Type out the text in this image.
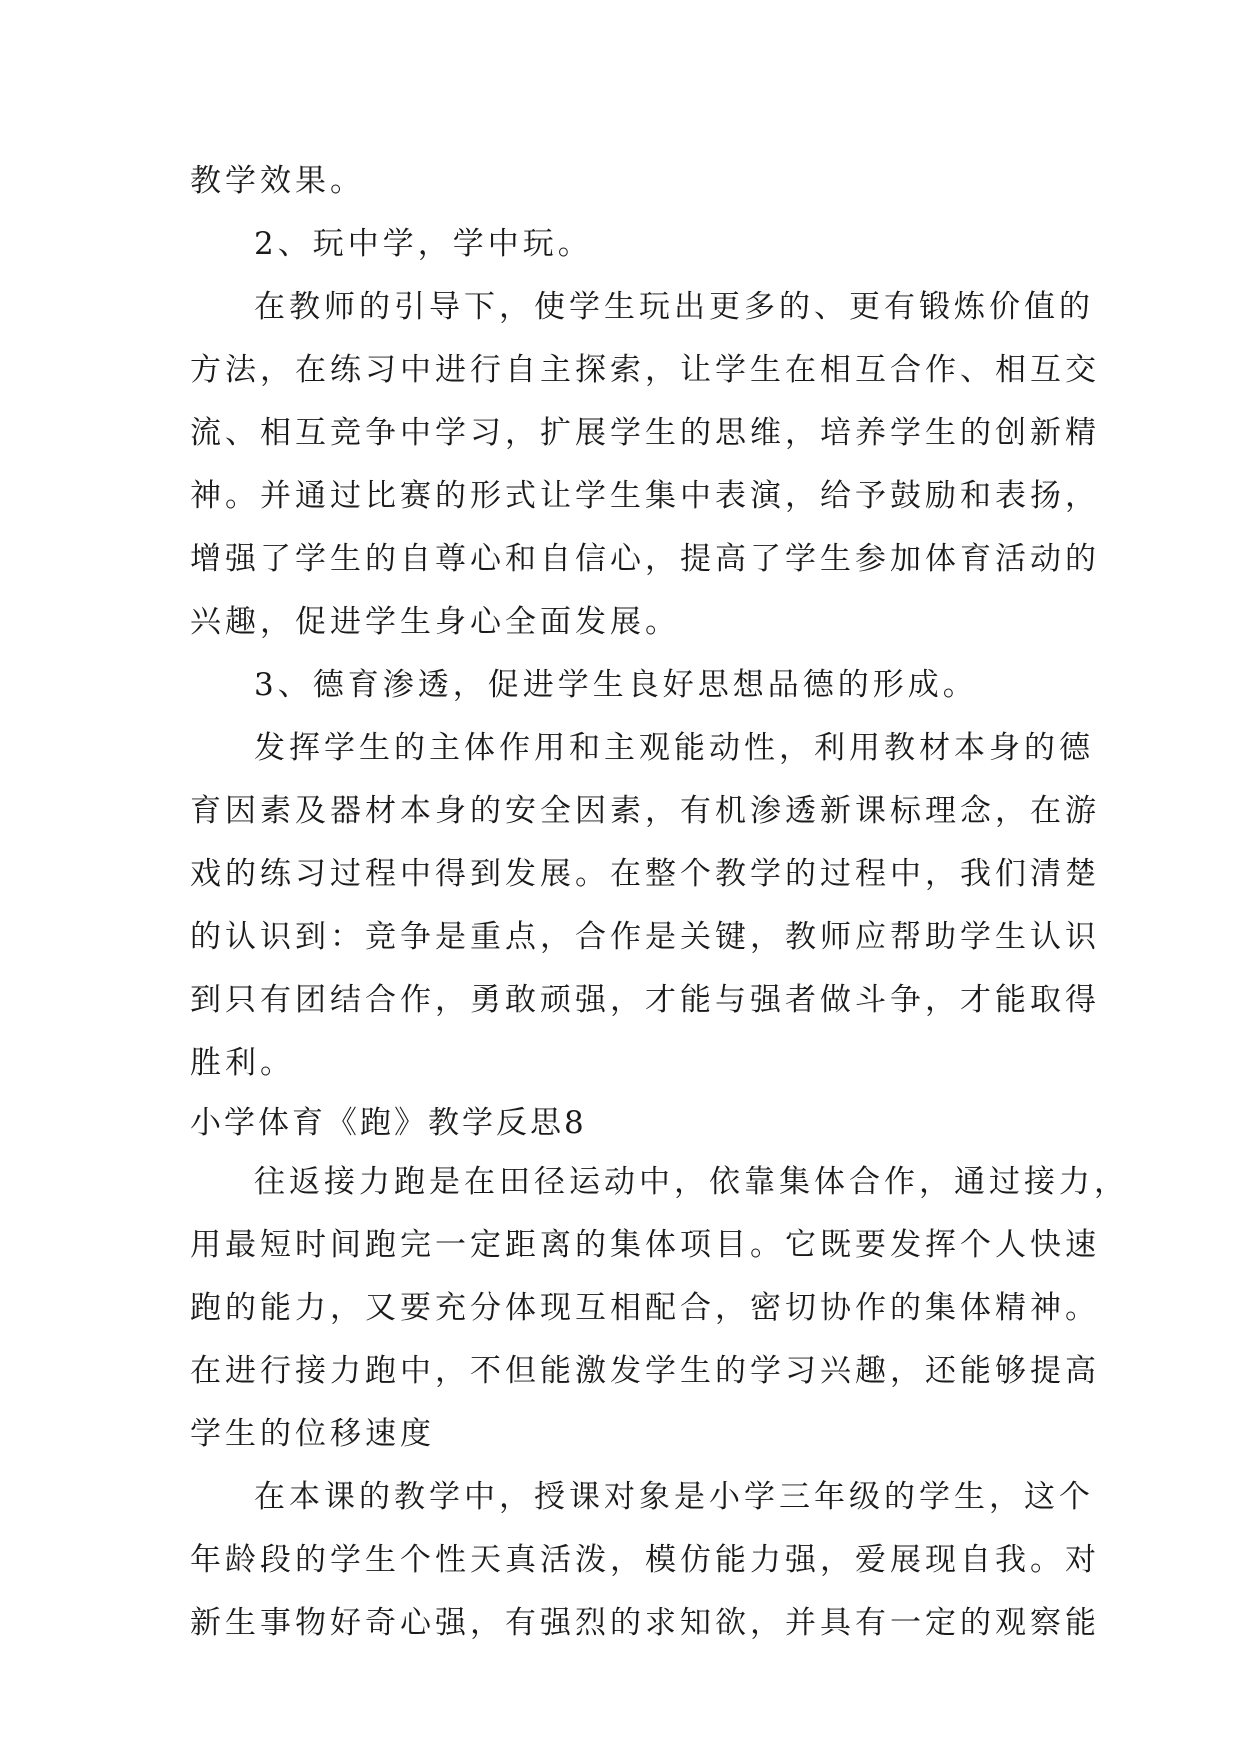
教学效果。
2、玩中学，学中玩。
在教师的引导下，使学生玩出更多的、更有锻炼价值的
方法，在练习中进行自主探索，让学生在相互合作、相互交
流、相互竞争中学习，扩展学生的思维，培养学生的创新精
神。并通过比赛的形式让学生集中表演，给予鼓励和表扬，
增强了学生的自尊心和自信心，提高了学生参加体育活动的
兴趣，促进学生身心全面发展。
3、德育渗透，促进学生良好思想品德的形成。
发挥学生的主体作用和主观能动性，利用教材本身的德
育因素及器材本身的安全因素，有机渗透新课标理念，在游
戏的练习过程中得到发展。在整个教学的过程中，我们清楚
的认识到：竞争是重点，合作是关键，教师应帮助学生认识
到只有团结合作，勇敢顽强，才能与强者做斗争，才能取得
胜利。
小学体育《跑》教学反思8
往返接力跑是在田径运动中，依靠集体合作，通过接力，
用最短时间跑完一定距离的集体项目。它既要发挥个人快速
跑的能力，又要充分体现互相配合，密切协作的集体精神。
在进行接力跑中，不但能激发学生的学习兴趣，还能够提高
学生的位移速度
在本课的教学中，授课对象是小学三年级的学生，这个
年龄段的学生个性天真活泼，模仿能力强，爱展现自我。对
新生事物好奇心强，有强烈的求知欲，并具有一定的观察能
